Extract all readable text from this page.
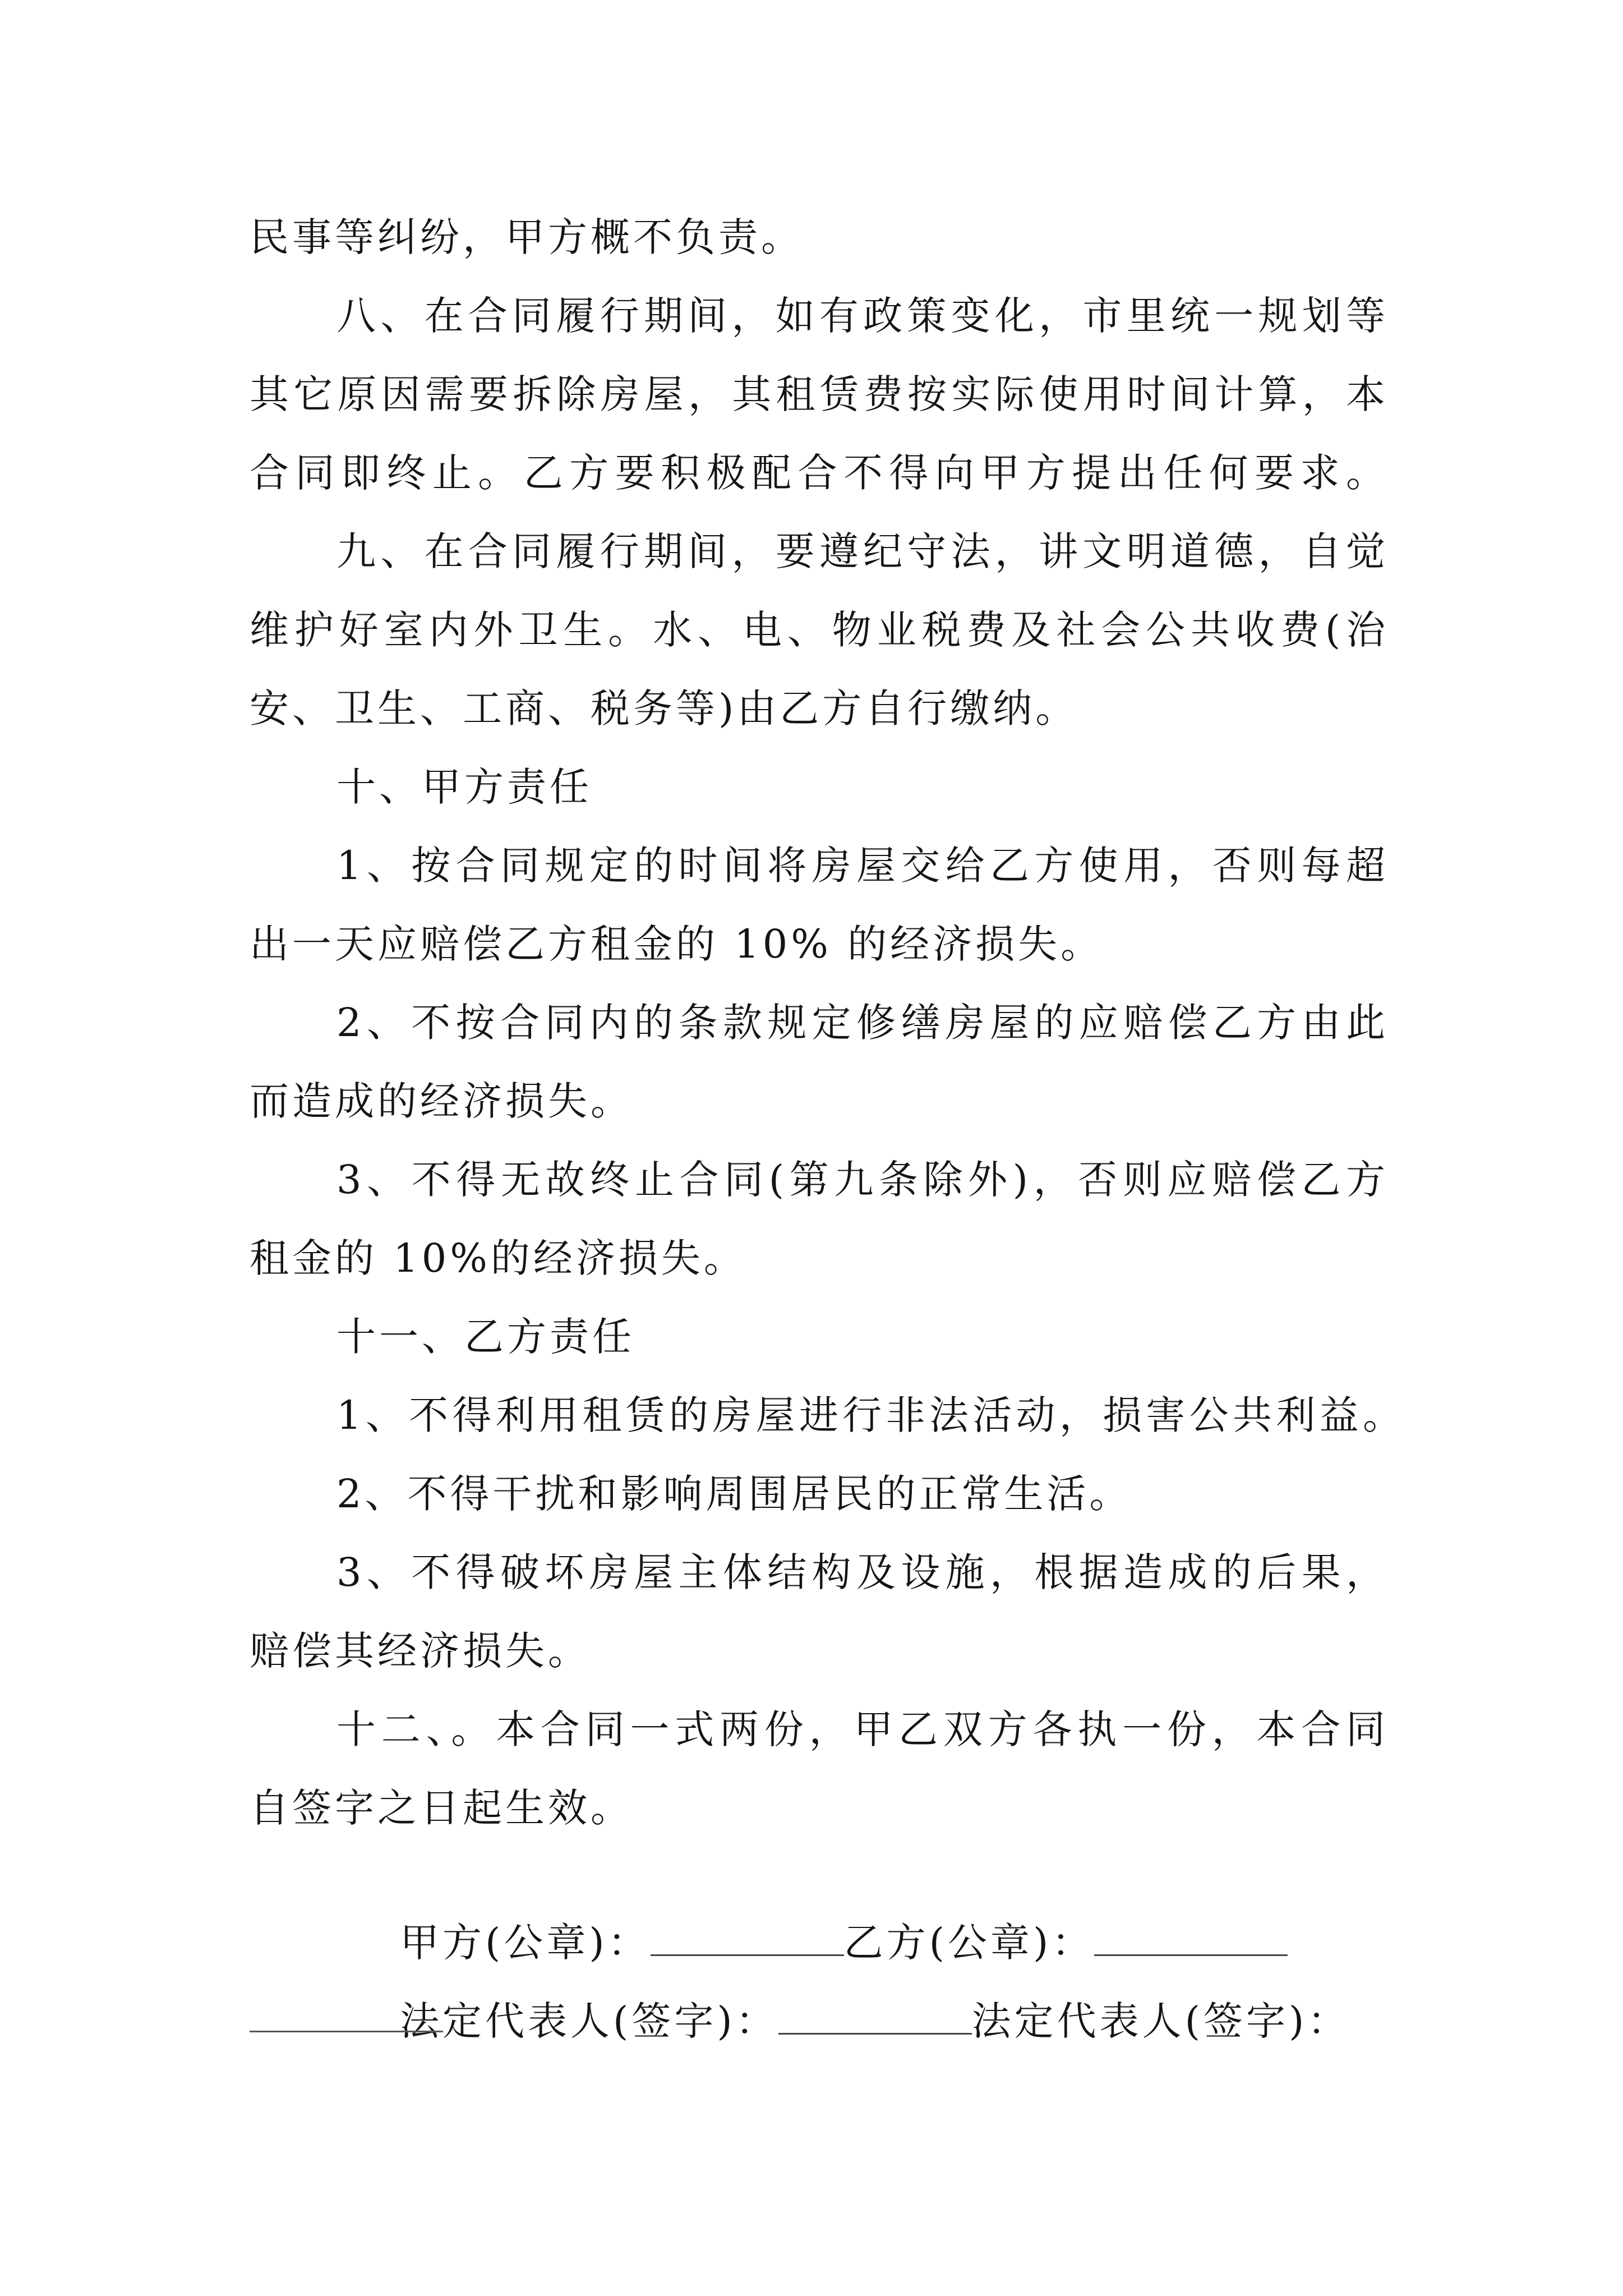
民事等纠纷，甲方概不负责。

八、在合同履行期间，如有政策变化，市里统一规划等

其它原因需要拆除房屋，其租赁费按实际使用时间计算，本

合同即终止。乙方要积极配合不得向甲方提出任何要求。

九、在合同履行期间，要遵纪守法，讲文明道德，自觉

维护好室内外卫生。水、电、物业税费及社会公共收费(治

安、卫生、工商、税务等)由乙方自行缴纳。

十、甲方责任

1、按合同规定的时间将房屋交给乙方使用，否则每超

出一天应赔偿乙方租金的 10% 的经济损失。

2、不按合同内的条款规定修缮房屋的应赔偿乙方由此

而造成的经济损失。

3、不得无故终止合同(第九条除外)，否则应赔偿乙方

租金的 10%的经济损失。

十一、乙方责任

1、不得利用租赁的房屋进行非法活动，损害公共利益。

2、不得干扰和影响周围居民的正常生活。

3、不得破坏房屋主体结构及设施，根据造成的后果，

赔偿其经济损失。

十二、。本合同一式两份，甲乙双方各执一份，本合同

自签字之日起生效。

甲方(公章)：	乙方(公章)：

法定代表人(签字)：	法定代表人(签字)：
